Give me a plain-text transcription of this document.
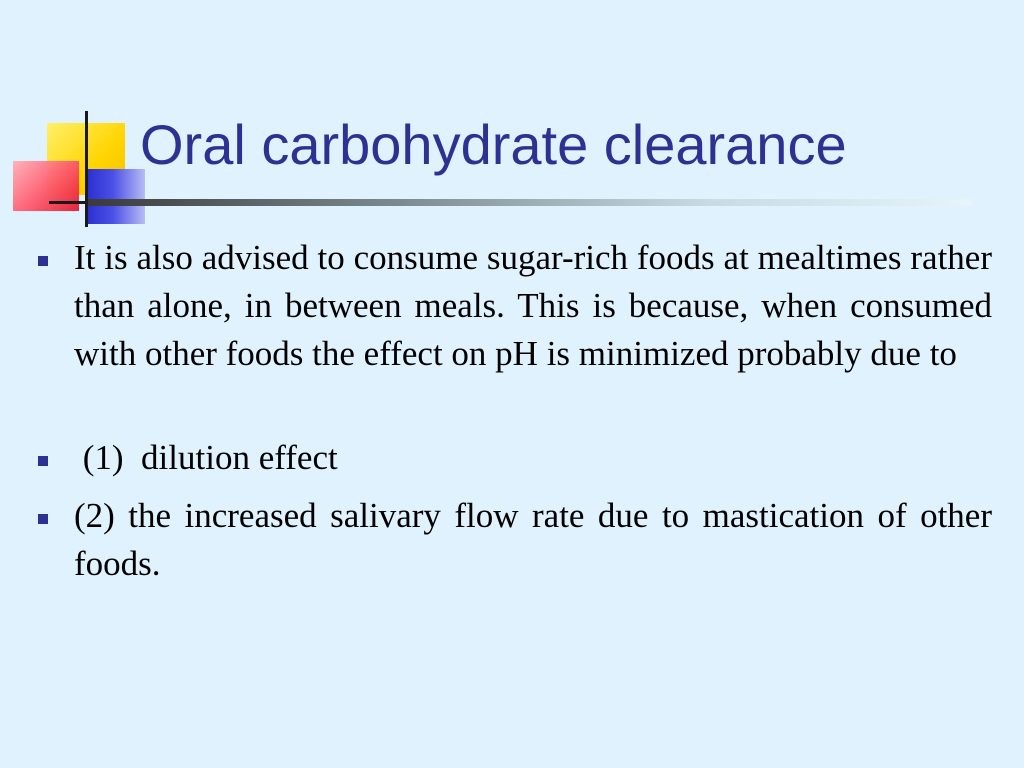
Oral carbohydrate clearance
It is also advised to consume sugar-rich foods at mealtimes rather than alone, in between meals. This is because, when consumed with other foods the effect on pH is minimized probably due to
(1)  dilution effect
(2) the increased salivary flow rate due to mastication of other foods.
